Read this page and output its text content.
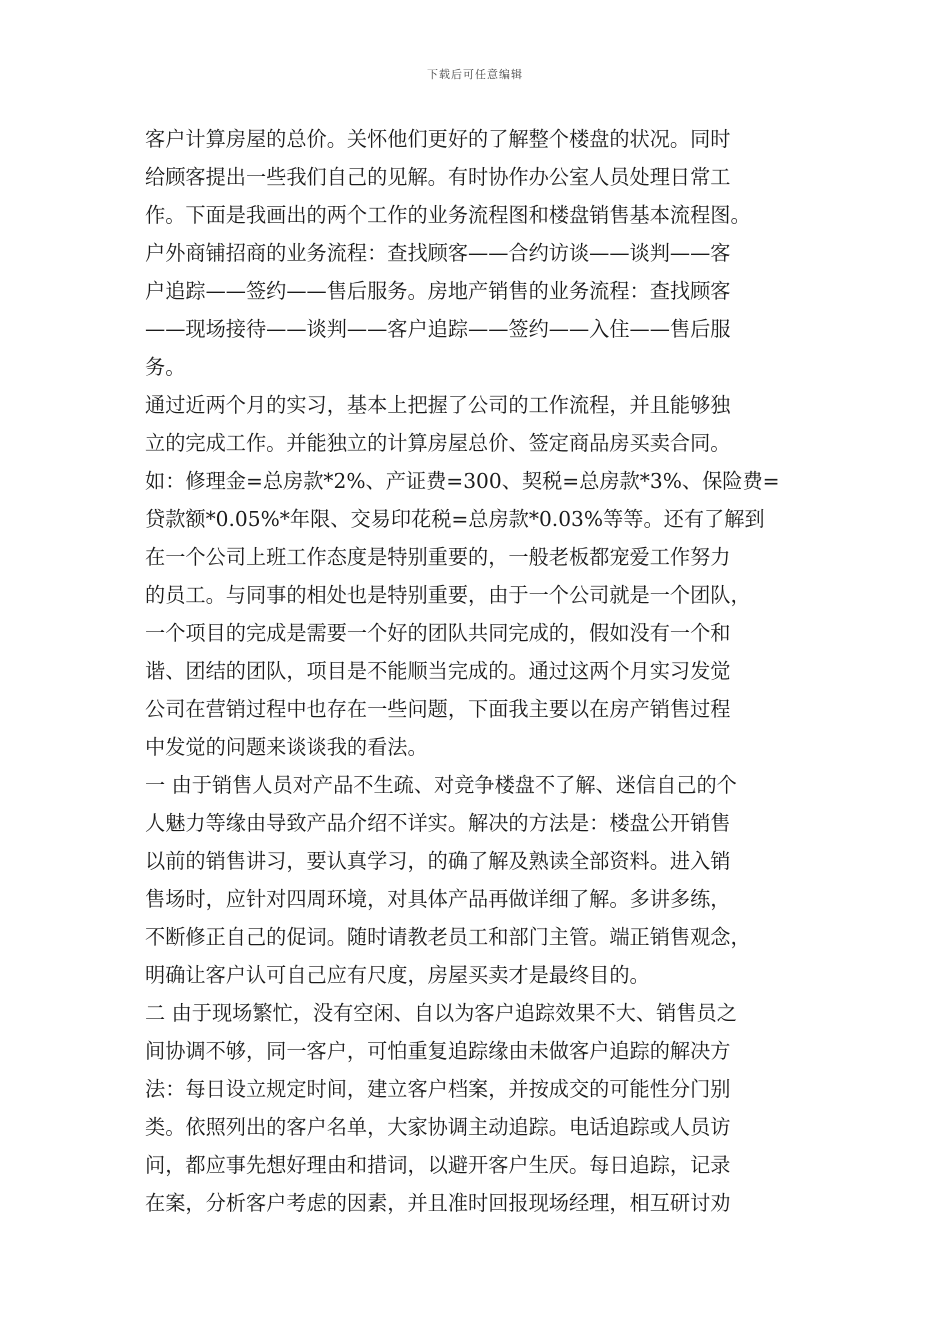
下载后可任意编辑
客户计算房屋的总价。关怀他们更好的了解整个楼盘的状况。同时
给顾客提出一些我们自己的见解。有时协作办公室人员处理日常工
作。下面是我画出的两个工作的业务流程图和楼盘销售基本流程图。
户外商铺招商的业务流程：查找顾客——合约访谈——谈判——客
户追踪——签约——售后服务。房地产销售的业务流程：查找顾客
——现场接待——谈判——客户追踪——签约——入住——售后服
务。
通过近两个月的实习，基本上把握了公司的工作流程，并且能够独
立的完成工作。并能独立的计算房屋总价、签定商品房买卖合同。
如：修理金=总房款*2%、产证费=300、契税=总房款*3%、保险费=
贷款额*0.05%*年限、交易印花税=总房款*0.03%等等。还有了解到
在一个公司上班工作态度是特别重要的，一般老板都宠爱工作努力
的员工。与同事的相处也是特别重要，由于一个公司就是一个团队，
一个项目的完成是需要一个好的团队共同完成的，假如没有一个和
谐、团结的团队，项目是不能顺当完成的。通过这两个月实习发觉
公司在营销过程中也存在一些问题，下面我主要以在房产销售过程
中发觉的问题来谈谈我的看法。
一 由于销售人员对产品不生疏、对竞争楼盘不了解、迷信自己的个
人魅力等缘由导致产品介绍不详实。解决的方法是：楼盘公开销售
以前的销售讲习，要认真学习，的确了解及熟读全部资料。进入销
售场时，应针对四周环境，对具体产品再做详细了解。多讲多练，
不断修正自己的促词。随时请教老员工和部门主管。端正销售观念，
明确让客户认可自己应有尺度，房屋买卖才是最终目的。
二 由于现场繁忙，没有空闲、自以为客户追踪效果不大、销售员之
间协调不够，同一客户，可怕重复追踪缘由未做客户追踪的解决方
法：每日设立规定时间，建立客户档案，并按成交的可能性分门别
类。依照列出的客户名单，大家协调主动追踪。电话追踪或人员访
问，都应事先想好理由和措词，以避开客户生厌。每日追踪，记录
在案，分析客户考虑的因素，并且准时回报现场经理，相互研讨劝
